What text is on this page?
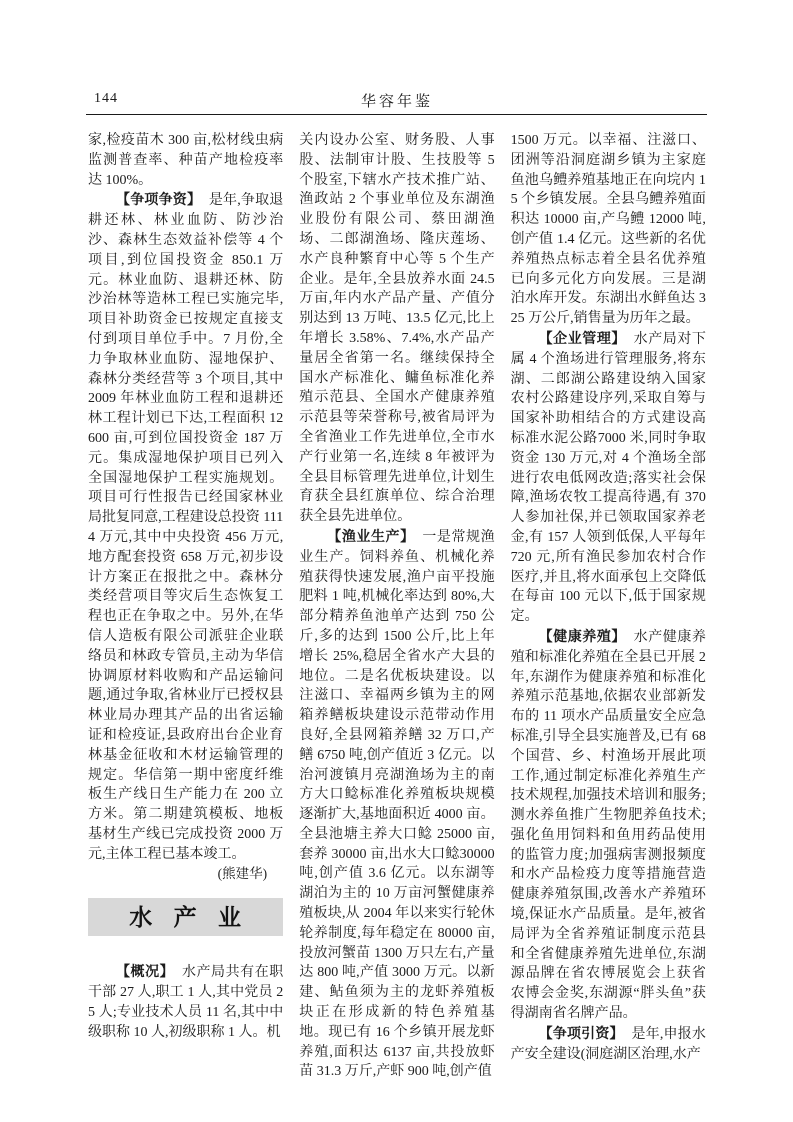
144	华容年鉴

家,检疫苗木 300 亩,松材线虫病监测普查率、种苗产地检疫率达 100%。

【争项争资】 是年,争取退耕还林、林业血防、防沙治沙、森林生态效益补偿等 4 个项目,到位国投资金 850.1 万元。林业血防、退耕还林、防沙治林等造林工程已实施完毕,项目补助资金已按规定直接支付到项目单位手中。7 月份,全力争取林业血防、湿地保护、森林分类经营等 3 个项目,其中 2009 年林业血防工程和退耕还林工程计划已下达,工程面积 12600 亩,可到位国投资金 187 万元。集成湿地保护项目已列入全国湿地保护工程实施规划。项目可行性报告已经国家林业局批复同意,工程建设总投资 1114 万元,其中中央投资 456 万元,地方配套投资 658 万元,初步设计方案正在报批之中。森林分类经营项目等灾后生态恢复工程也正在争取之中。另外,在华信人造板有限公司派驻企业联络员和林政专管员,主动为华信协调原材料收购和产品运输问题,通过争取,省林业厅已授权县林业局办理其产品的出省运输证和检疫证,县政府出台企业育林基金征收和木材运输管理的规定。华信第一期中密度纤维板生产线日生产能力在 200 立方米。第二期建筑模板、地板基材生产线已完成投资 2000 万元,主体工程已基本竣工。

(熊建华)

水 产 业

【概况】 水产局共有在职干部 27 人,职工 1 人,其中党员 25 人;专业技术人员 11 名,其中中级职称 10 人,初级职称 1 人。机

关内设办公室、财务股、人事股、法制审计股、生技股等 5 个股室,下辖水产技术推广站、渔政站 2 个事业单位及东湖渔业股份有限公司、蔡田湖渔场、二郎湖渔场、隆庆莲场、水产良种繁育中心等 5 个生产企业。是年,全县放养水面 24.5 万亩,年内水产品产量、产值分别达到 13 万吨、13.5 亿元,比上年增长 3.58%、7.4%,水产品产量居全省第一名。继续保持全国水产标准化、鳙鱼标准化养殖示范县、全国水产健康养殖示范县等荣誉称号,被省局评为全省渔业工作先进单位,全市水产行业第一名,连续 8 年被评为全县目标管理先进单位,计划生育获全县红旗单位、综合治理获全县先进单位。

【渔业生产】 一是常规渔业生产。饲料养鱼、机械化养殖获得快速发展,渔户亩平投施肥料 1 吨,机械化率达到 80%,大部分精养鱼池单产达到 750 公斤,多的达到 1500 公斤,比上年增长 25%,稳居全省水产大县的地位。二是名优板块建设。以注滋口、幸福两乡镇为主的网箱养鳝板块建设示范带动作用良好,全县网箱养鳝 32 万口,产鳝 6750 吨,创产值近 3 亿元。以治河渡镇月亮湖渔场为主的南方大口鲶标准化养殖板块规模逐渐扩大,基地面积近 4000 亩。全县池塘主养大口鲶 25000 亩,套养 30000 亩,出水大口鲶30000 吨,创产值 3.6 亿元。以东湖等湖泊为主的 10 万亩河蟹健康养殖板块,从 2004 年以来实行轮休轮养制度,每年稳定在 80000 亩,投放河蟹苗 1300 万只左右,产量达 800 吨,产值 3000 万元。以新建、鲇鱼须为主的龙虾养殖板块正在形成新的特色养殖基地。现已有 16 个乡镇开展龙虾养殖,面积达 6137 亩,共投放虾苗 31.3 万斤,产虾 900 吨,创产值

1500 万元。以幸福、注滋口、团洲等沿洞庭湖乡镇为主家庭鱼池乌鳢养殖基地正在向垸内 15 个乡镇发展。全县乌鳢养殖面积达 10000 亩,产乌鳢 12000 吨,创产值 1.4 亿元。这些新的名优养殖热点标志着全县名优养殖已向多元化方向发展。三是湖泊水库开发。东湖出水鲜鱼达 325 万公斤,销售量为历年之最。

【企业管理】 水产局对下属 4 个渔场进行管理服务,将东湖、二郎湖公路建设纳入国家农村公路建设序列,采取自筹与国家补助相结合的方式建设高标准水泥公路7000 米,同时争取资金 130 万元,对 4 个渔场全部进行农电低网改造;落实社会保障,渔场农牧工提高待遇,有 370 人参加社保,并已领取国家养老金,有 157 人领到低保,人平每年 720 元,所有渔民参加农村合作医疗,并且,将水面承包上交降低在每亩 100 元以下,低于国家规定。

【健康养殖】 水产健康养殖和标准化养殖在全县已开展 2 年,东湖作为健康养殖和标准化养殖示范基地,依据农业部新发布的 11 项水产品质量安全应急标准,引导全县实施普及,已有 68 个国营、乡、村渔场开展此项工作,通过制定标准化养殖生产技术规程,加强技术培训和服务;测水养鱼推广生物肥养鱼技术;强化鱼用饲料和鱼用药品使用的监管力度;加强病害测报频度和水产品检疫力度等措施营造健康养殖氛围,改善水产养殖环境,保证水产品质量。是年,被省局评为全省养殖证制度示范县和全省健康养殖先进单位,东湖源品牌在省农博展览会上获省农博会金奖,东湖源“胖头鱼”获得湖南省名牌产品。

【争项引资】 是年,申报水产安全建设(洞庭湖区治理,水产
